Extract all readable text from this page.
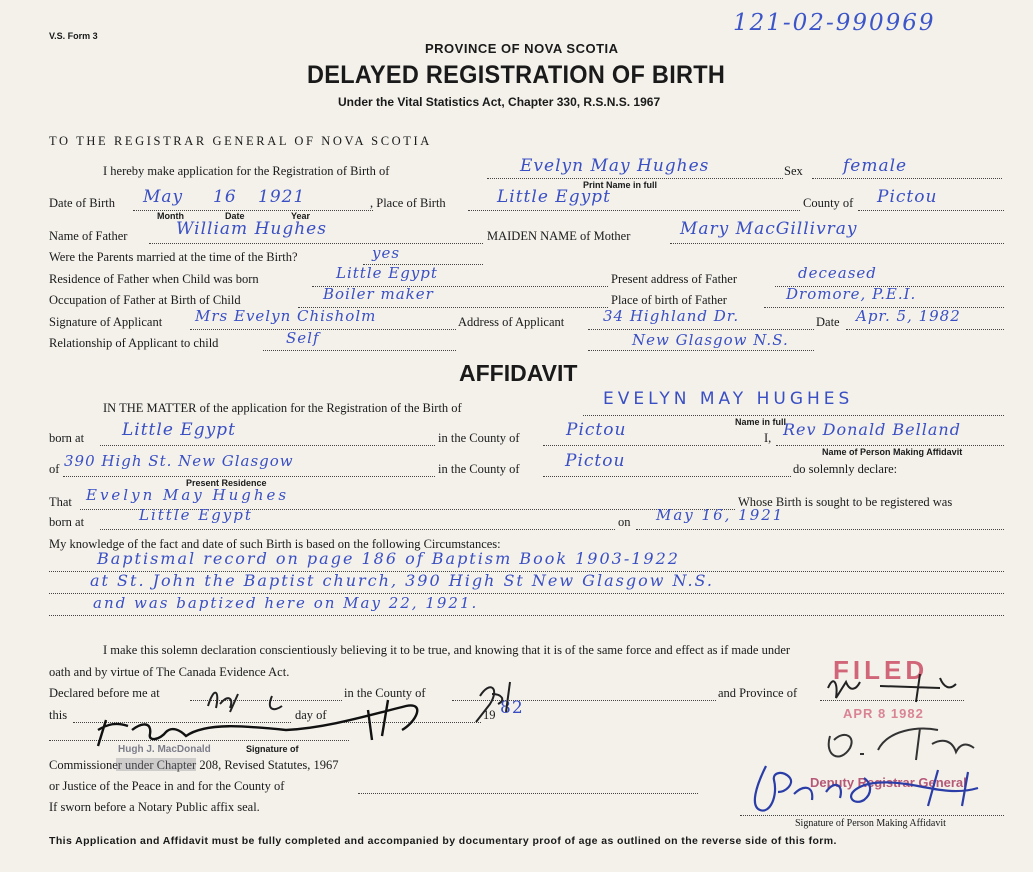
V.S. Form 3	121-02-990969
PROVINCE OF NOVA SCOTIA
DELAYED REGISTRATION OF BIRTH
Under the Vital Statistics Act, Chapter 330, R.S.N.S. 1967
TO THE REGISTRAR GENERAL OF NOVA SCOTIA
I hereby make application for the Registration of Birth of	Evelyn May Hughes
Print Name in full
Sex female
Date of Birth May 16 1921
Month	Date	Year
, Place of Birth	Little Egypt	County of Pictou
Name of Father	William Hughes	MAIDEN NAME of Mother	Mary MacGillivray
Were the Parents married at the time of the Birth?	yes
Residence of Father when Child was born	Little Egypt	Present address of Father	deceased
Occupation of Father at Birth of Child	Boiler maker	Place of birth of Father	Dromore, P.E.I.
Signature of Applicant Mrs Evelyn Chisholm	Address of Applicant	34 Highland Dr.	Date Apr. 5, 1982
Relationship of Applicant to child	Self	New Glasgow N.S.
AFFIDAVIT
IN THE MATTER of the application for the Registration of the Birth of	EVELYN MAY HUGHES
Name in full
born at Little Egypt	in the County of	Pictou	I, Rev Donald Belland
Name of Person Making Affidavit
of 390 High St. New Glasgow
Present Residence
in the County of	Pictou	do solemnly declare:
That Evelyn May Hughes	Whose Birth is sought to be registered was
born at	Little Egypt	on May 16, 1921
My knowledge of the fact and date of such Birth is based on the following Circumstances:
Baptismal record on page 186 of Baptism Book 1903-1922
at St. John the Baptist church, 390 High St New Glasgow N.S.
and was baptized here on May 22, 1921.
I make this solemn declaration conscientiously believing it to be true, and knowing that it is of the same force and effect as if made under
oath and by virtue of The Canada Evidence Act.
Declared before me at	in the County of	and Province of
this	day of	19 82
Signature of
Commissioner under Chapter 208, Revised Statutes, 1967
or Justice of the Peace in and for the County of
If sworn before a Notary Public affix seal.
Signature of Person Making Affidavit
FILED
APR 8 1982
Deputy Registrar General
Hugh J. MacDonald
This Application and Affidavit must be fully completed and accompanied by documentary proof of age as outlined on the reverse side of this form.
